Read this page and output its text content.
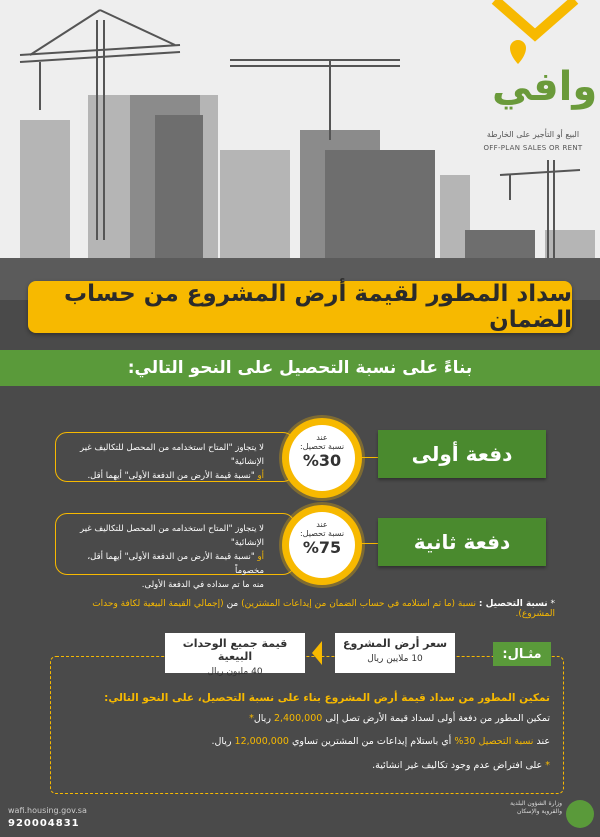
وافي
البيع أو التأجير على الخارطة
OFF-PLAN SALES OR RENT
سداد المطور لقيمة أرض المشروع من حساب الضمان
بناءً على نسبة التحصيل على النحو التالي:
لا يتجاوز "المتاح استخدامه من المحصل للتكاليف غير الإنشائية"
أو "نسبة قيمة الأرض من الدفعة الأولى" أيهما أقل.
عند
نسبة تحصيل:
%30	دفعة أولى
لا يتجاوز "المتاح استخدامه من المحصل للتكاليف غير الإنشائية"
أو "نسبة قيمة الأرض من الدفعة الأولى" أيهما أقل، مخصوماً
منه ما تم سداده في الدفعة الأولى.
عند
نسبة تحصيل:
%75	دفعة ثانية
* نسبة التحصيل : نسبة (ما تم استلامه في حساب الضمان من إيداعات المشترين) من (إجمالي القيمة البيعية لكافة وحدات المشروع).
مثـال:
سعر أرض المشروع
10 ملايين ريال
قيمة جميع الوحدات البيعية
40 مليون ريال
تمكين المطور من سداد قيمة أرض المشروع بناء على نسبة التحصيل، على النحو التالي:
تمكين المطور من دفعة أولى لسداد قيمة الأرض تصل إلى 2,400,000 ريال*
عند نسبة التحصيل 30% أي باستلام إيداعات من المشترين تساوي 12,000,000 ريال.
* على افتراض عدم وجود تكاليف غير انشائية.
wafi.housing.gov.sa
920004831
وزارة الشؤون البلدية
والقروية والإسكان
